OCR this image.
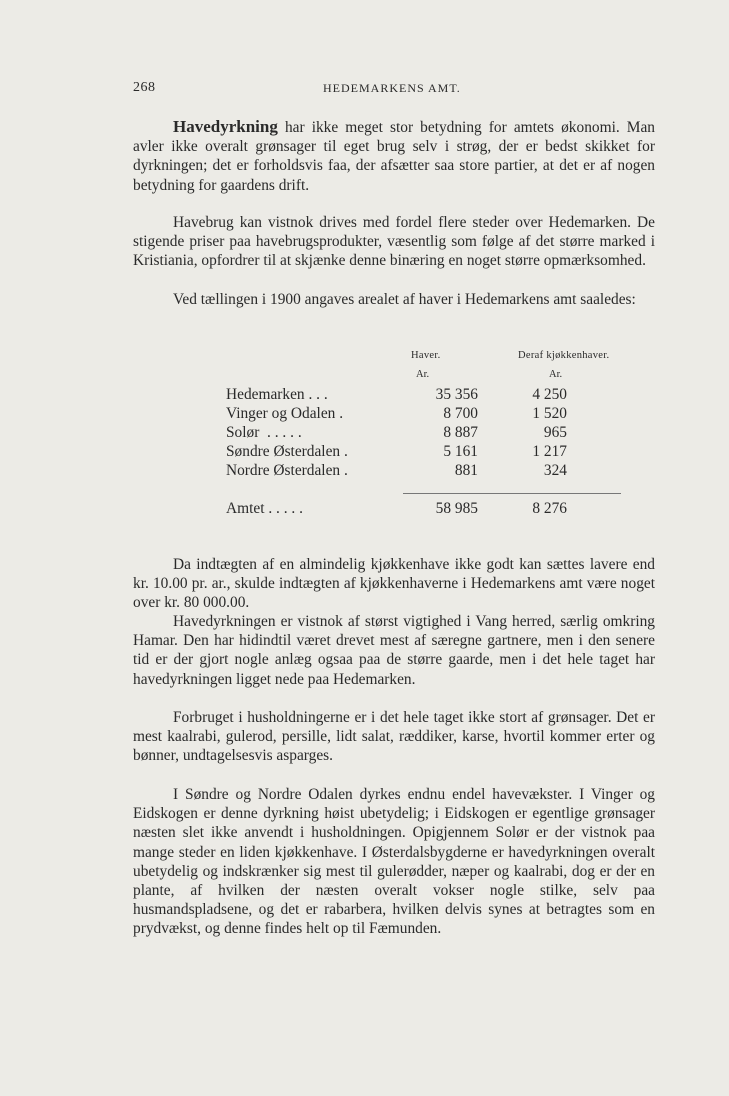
268	HEDEMARKENS AMT.
Havedyrkning har ikke meget stor betydning for amtets økonomi. Man avler ikke overalt grønsager til eget brug selv i strøg, der er bedst skikket for dyrkningen; det er forholdsvis faa, der afsætter saa store partier, at det er af nogen betydning for gaardens drift.
Havebrug kan vistnok drives med fordel flere steder over Hedemarken. De stigende priser paa havebrugsprodukter, væsentlig som følge af det større marked i Kristiania, opfordrer til at skjænke denne binæring en noget større opmærksomhed.
Ved tællingen i 1900 angaves arealet af haver i Hedemarkens amt saaledes:
Haver.	Deraf kjøkkenhaver.
Ar.	Ar.
Hedemarken . . .	35 356	4 250
Vinger og Odalen .	8 700	1 520
Solør  . . . . .	8 887	965
Søndre Østerdalen .	5 161	1 217
Nordre Østerdalen .	881	324
Amtet . . . . .	58 985	8 276
Da indtægten af en almindelig kjøkkenhave ikke godt kan sættes lavere end kr. 10.00 pr. ar., skulde indtægten af kjøkkenhaverne i Hedemarkens amt være noget over kr. 80 000.00.
Havedyrkningen er vistnok af størst vigtighed i Vang herred, særlig omkring Hamar. Den har hidindtil været drevet mest af særegne gartnere, men i den senere tid er der gjort nogle anlæg ogsaa paa de større gaarde, men i det hele taget har havedyrkningen ligget nede paa Hedemarken.
Forbruget i husholdningerne er i det hele taget ikke stort af grønsager. Det er mest kaalrabi, gulerod, persille, lidt salat, ræddiker, karse, hvortil kommer erter og bønner, undtagelsesvis asparges.
I Søndre og Nordre Odalen dyrkes endnu endel havevækster. I Vinger og Eidskogen er denne dyrkning høist ubetydelig; i Eidskogen er egentlige grønsager næsten slet ikke anvendt i husholdningen. Opigjennem Solør er der vistnok paa mange steder en liden kjøkkenhave. I Østerdalsbygderne er havedyrkningen overalt ubetydelig og indskrænker sig mest til gulerødder, næper og kaalrabi, dog er der en plante, af hvilken der næsten overalt vokser nogle stilke, selv paa husmandspladsene, og det er rabarbera, hvilken delvis synes at betragtes som en prydvækst, og denne findes helt op til Fæmunden.
